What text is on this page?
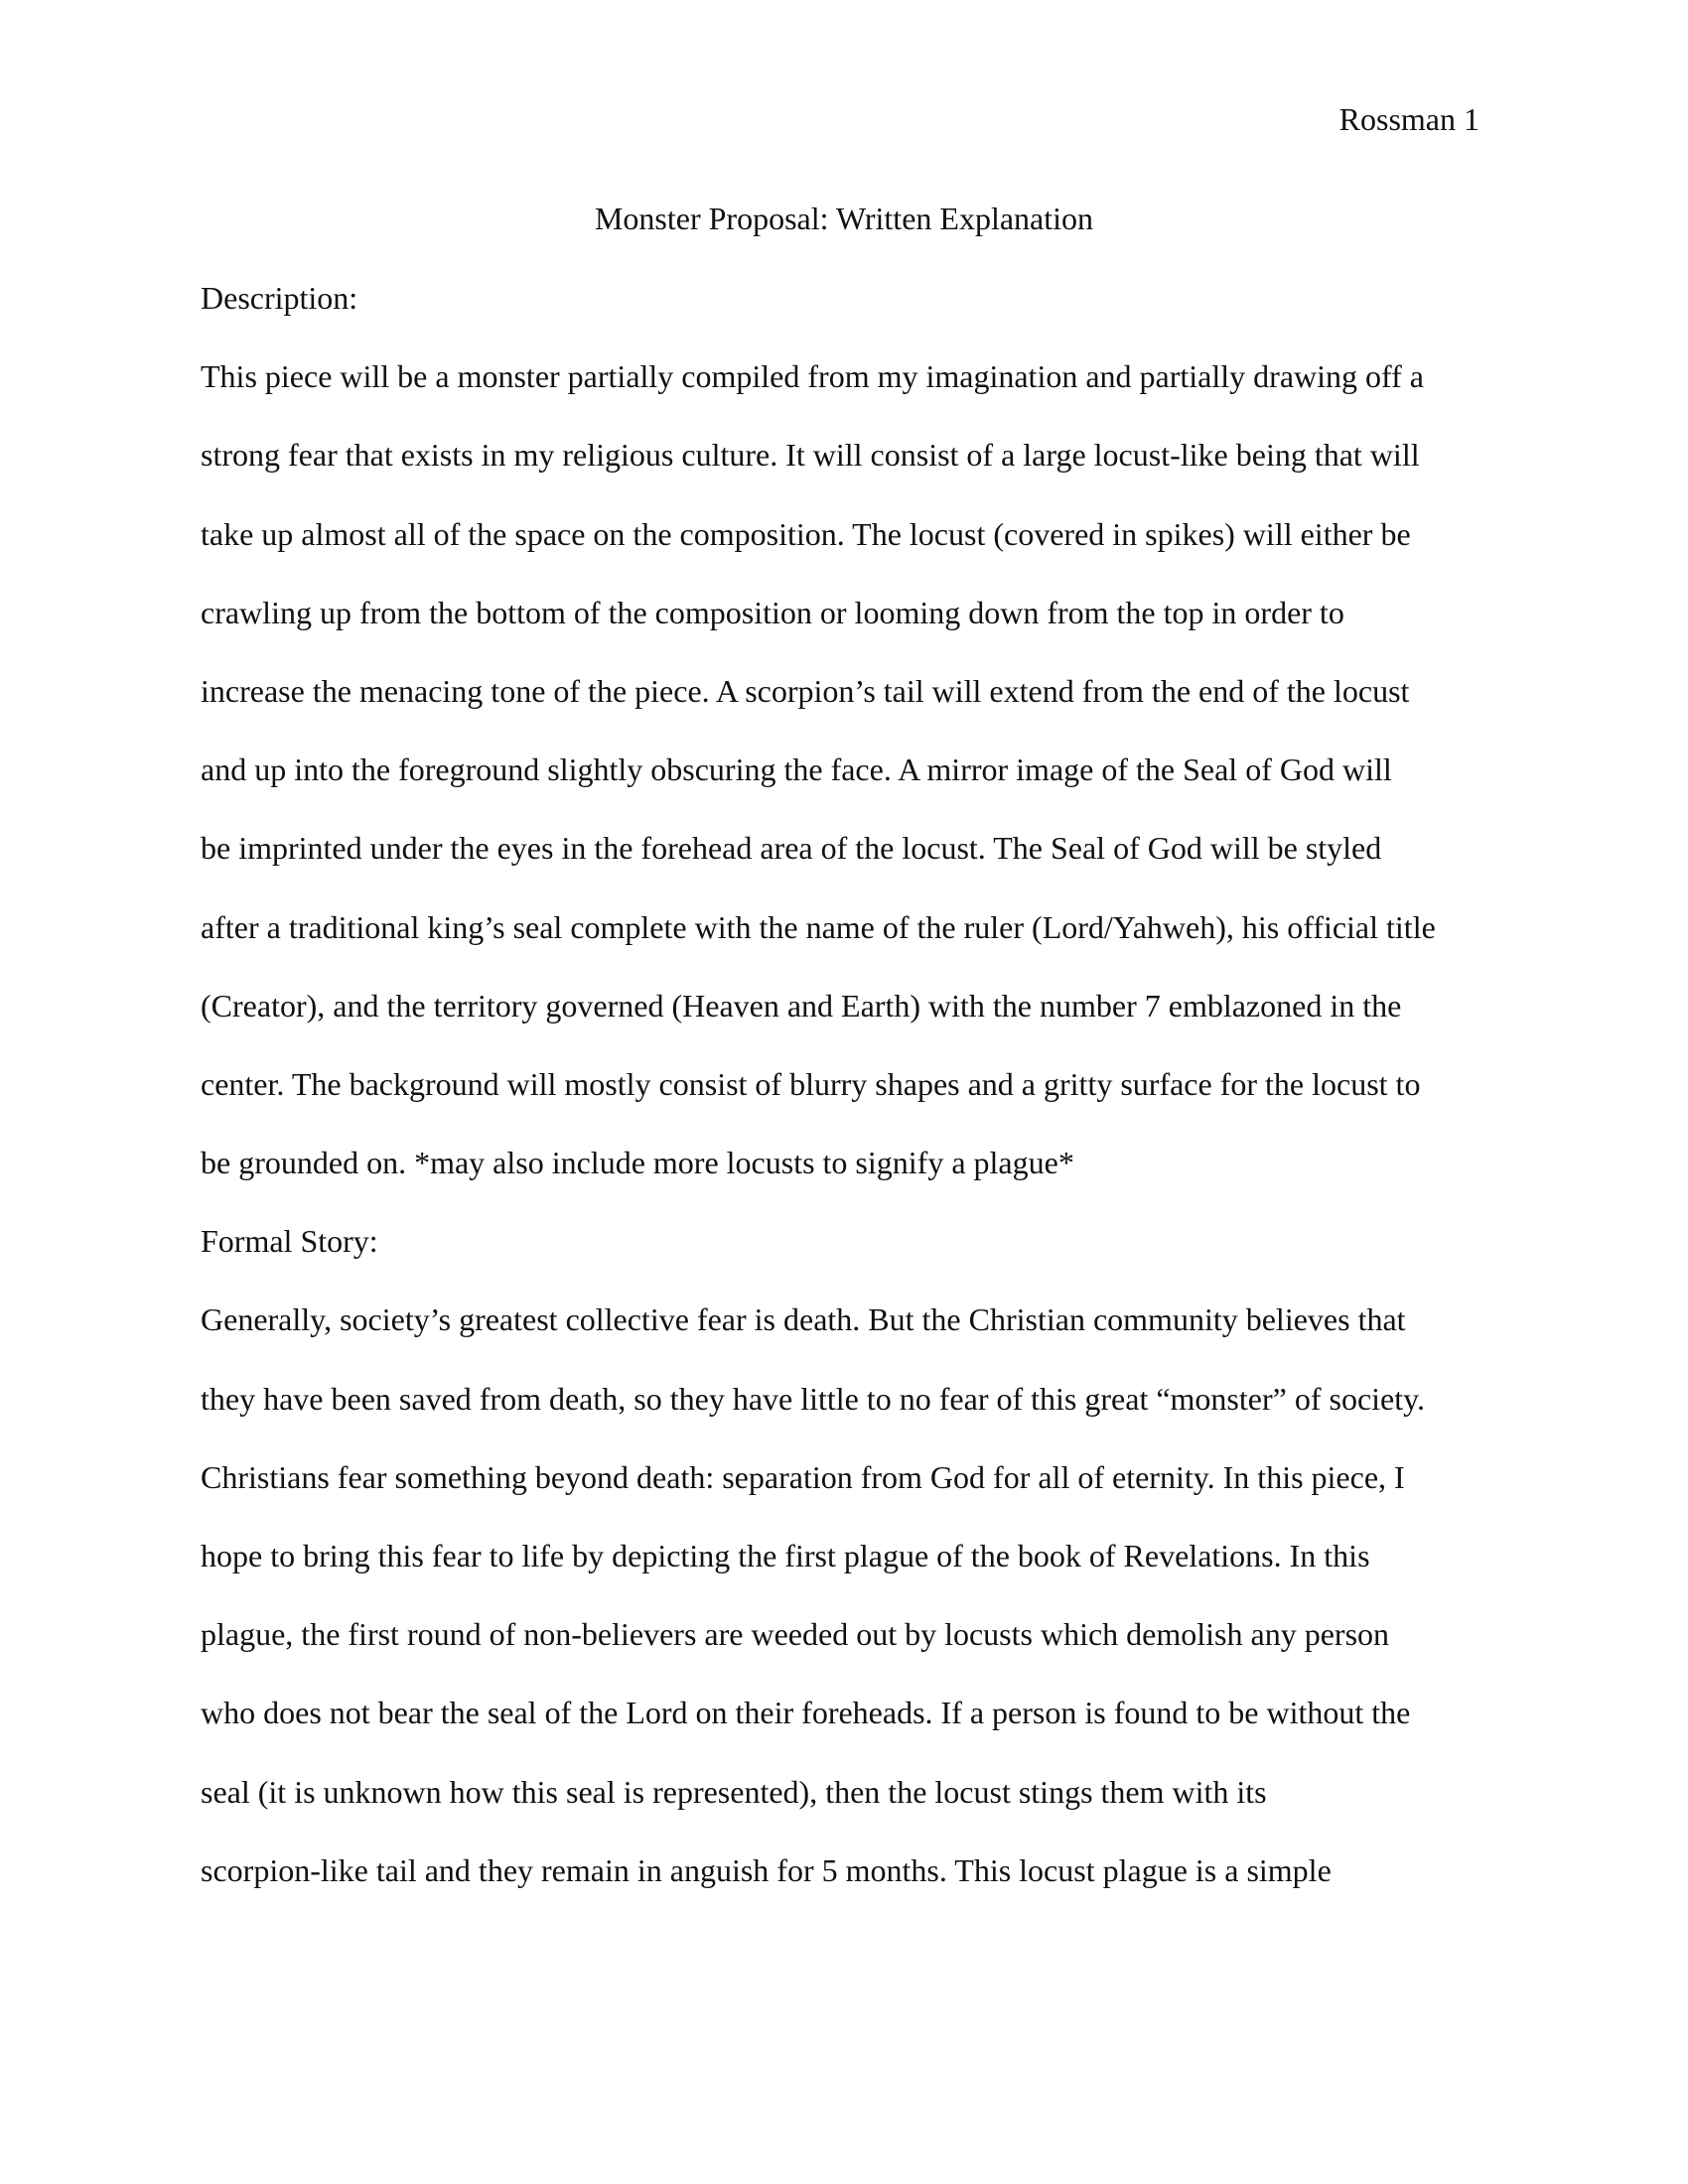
Rossman 1
Monster Proposal: Written Explanation
Description:
This piece will be a monster partially compiled from my imagination and partially drawing off a
strong fear that exists in my religious culture. It will consist of a large locust-like being that will
take up almost all of the space on the composition. The locust (covered in spikes) will either be
crawling up from the bottom of the composition or looming down from the top in order to
increase the menacing tone of the piece. A scorpion’s tail will extend from the end of the locust
and up into the foreground slightly obscuring the face. A mirror image of the Seal of God will
be imprinted under the eyes in the forehead area of the locust. The Seal of God will be styled
after a traditional king’s seal complete with the name of the ruler (Lord/Yahweh), his official title
(Creator), and the territory governed (Heaven and Earth) with the number 7 emblazoned in the
center. The background will mostly consist of blurry shapes and a gritty surface for the locust to
be grounded on. *may also include more locusts to signify a plague*
Formal Story:
Generally, society’s greatest collective fear is death. But the Christian community believes that
they have been saved from death, so they have little to no fear of this great “monster” of society.
Christians fear something beyond death: separation from God for all of eternity. In this piece, I
hope to bring this fear to life by depicting the first plague of the book of Revelations. In this
plague, the first round of non-believers are weeded out by locusts which demolish any person
who does not bear the seal of the Lord on their foreheads. If a person is found to be without the
seal (it is unknown how this seal is represented), then the locust stings them with its
scorpion-like tail and they remain in anguish for 5 months. This locust plague is a simple
